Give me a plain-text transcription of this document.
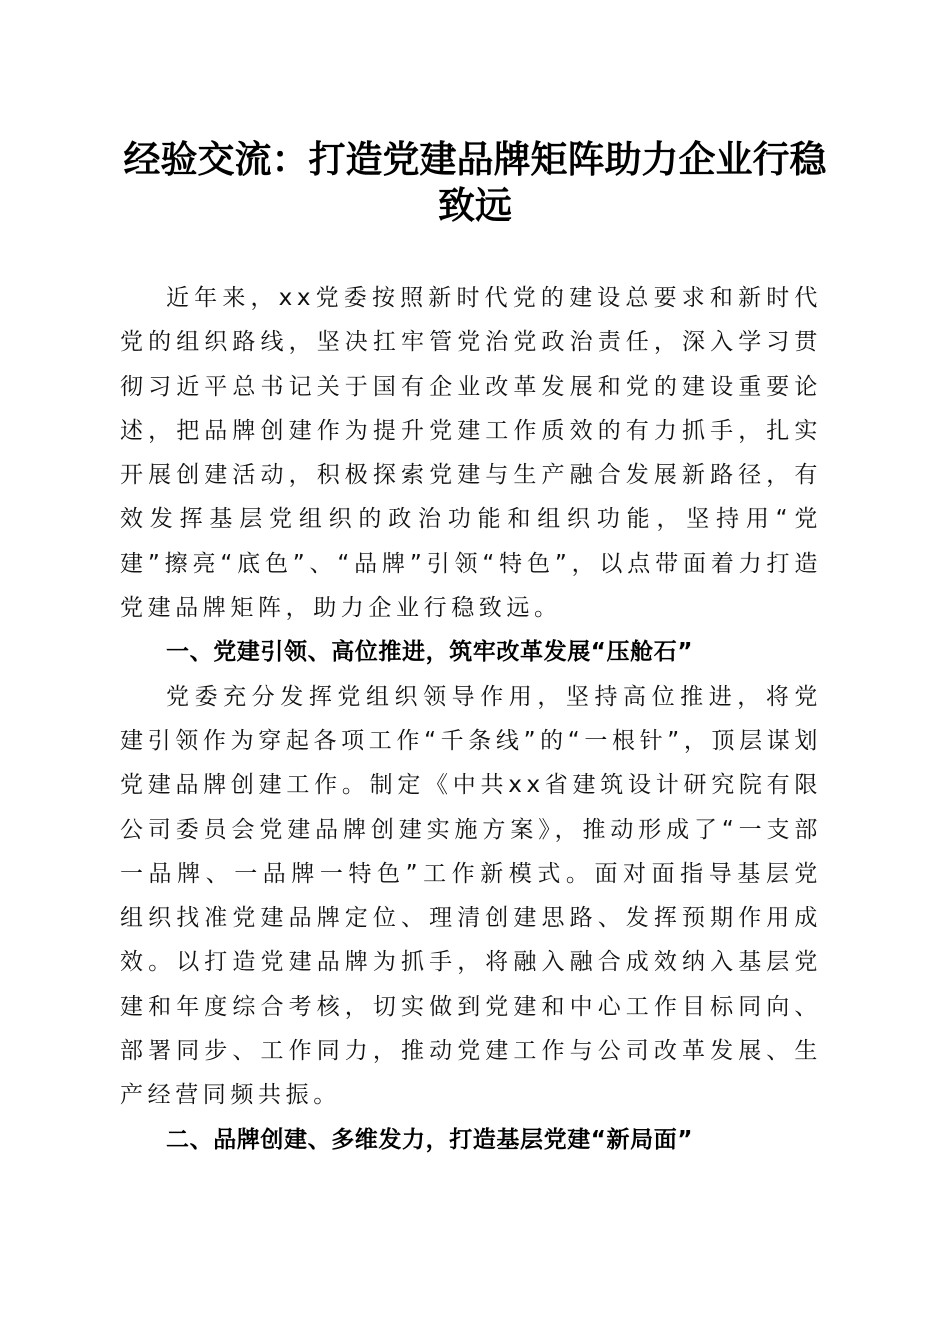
经验交流：打造党建品牌矩阵助力企业行稳致远

近年来，xx党委按照新时代党的建设总要求和新时代党的组织路线，坚决扛牢管党治党政治责任，深入学习贯彻习近平总书记关于国有企业改革发展和党的建设重要论述，把品牌创建作为提升党建工作质效的有力抓手，扎实开展创建活动，积极探索党建与生产融合发展新路径，有效发挥基层党组织的政治功能和组织功能，坚持用“党建”擦亮“底色”、“品牌”引领“特色”，以点带面着力打造党建品牌矩阵，助力企业行稳致远。

一、党建引领、高位推进，筑牢改革发展“压舱石”

党委充分发挥党组织领导作用，坚持高位推进，将党建引领作为穿起各项工作“千条线”的“一根针”，顶层谋划党建品牌创建工作。制定《中共xx省建筑设计研究院有限公司委员会党建品牌创建实施方案》，推动形成了“一支部一品牌、一品牌一特色”工作新模式。面对面指导基层党组织找准党建品牌定位、理清创建思路、发挥预期作用成效。以打造党建品牌为抓手，将融入融合成效纳入基层党建和年度综合考核，切实做到党建和中心工作目标同向、部署同步、工作同力，推动党建工作与公司改革发展、生产经营同频共振。

二、品牌创建、多维发力，打造基层党建“新局面”
